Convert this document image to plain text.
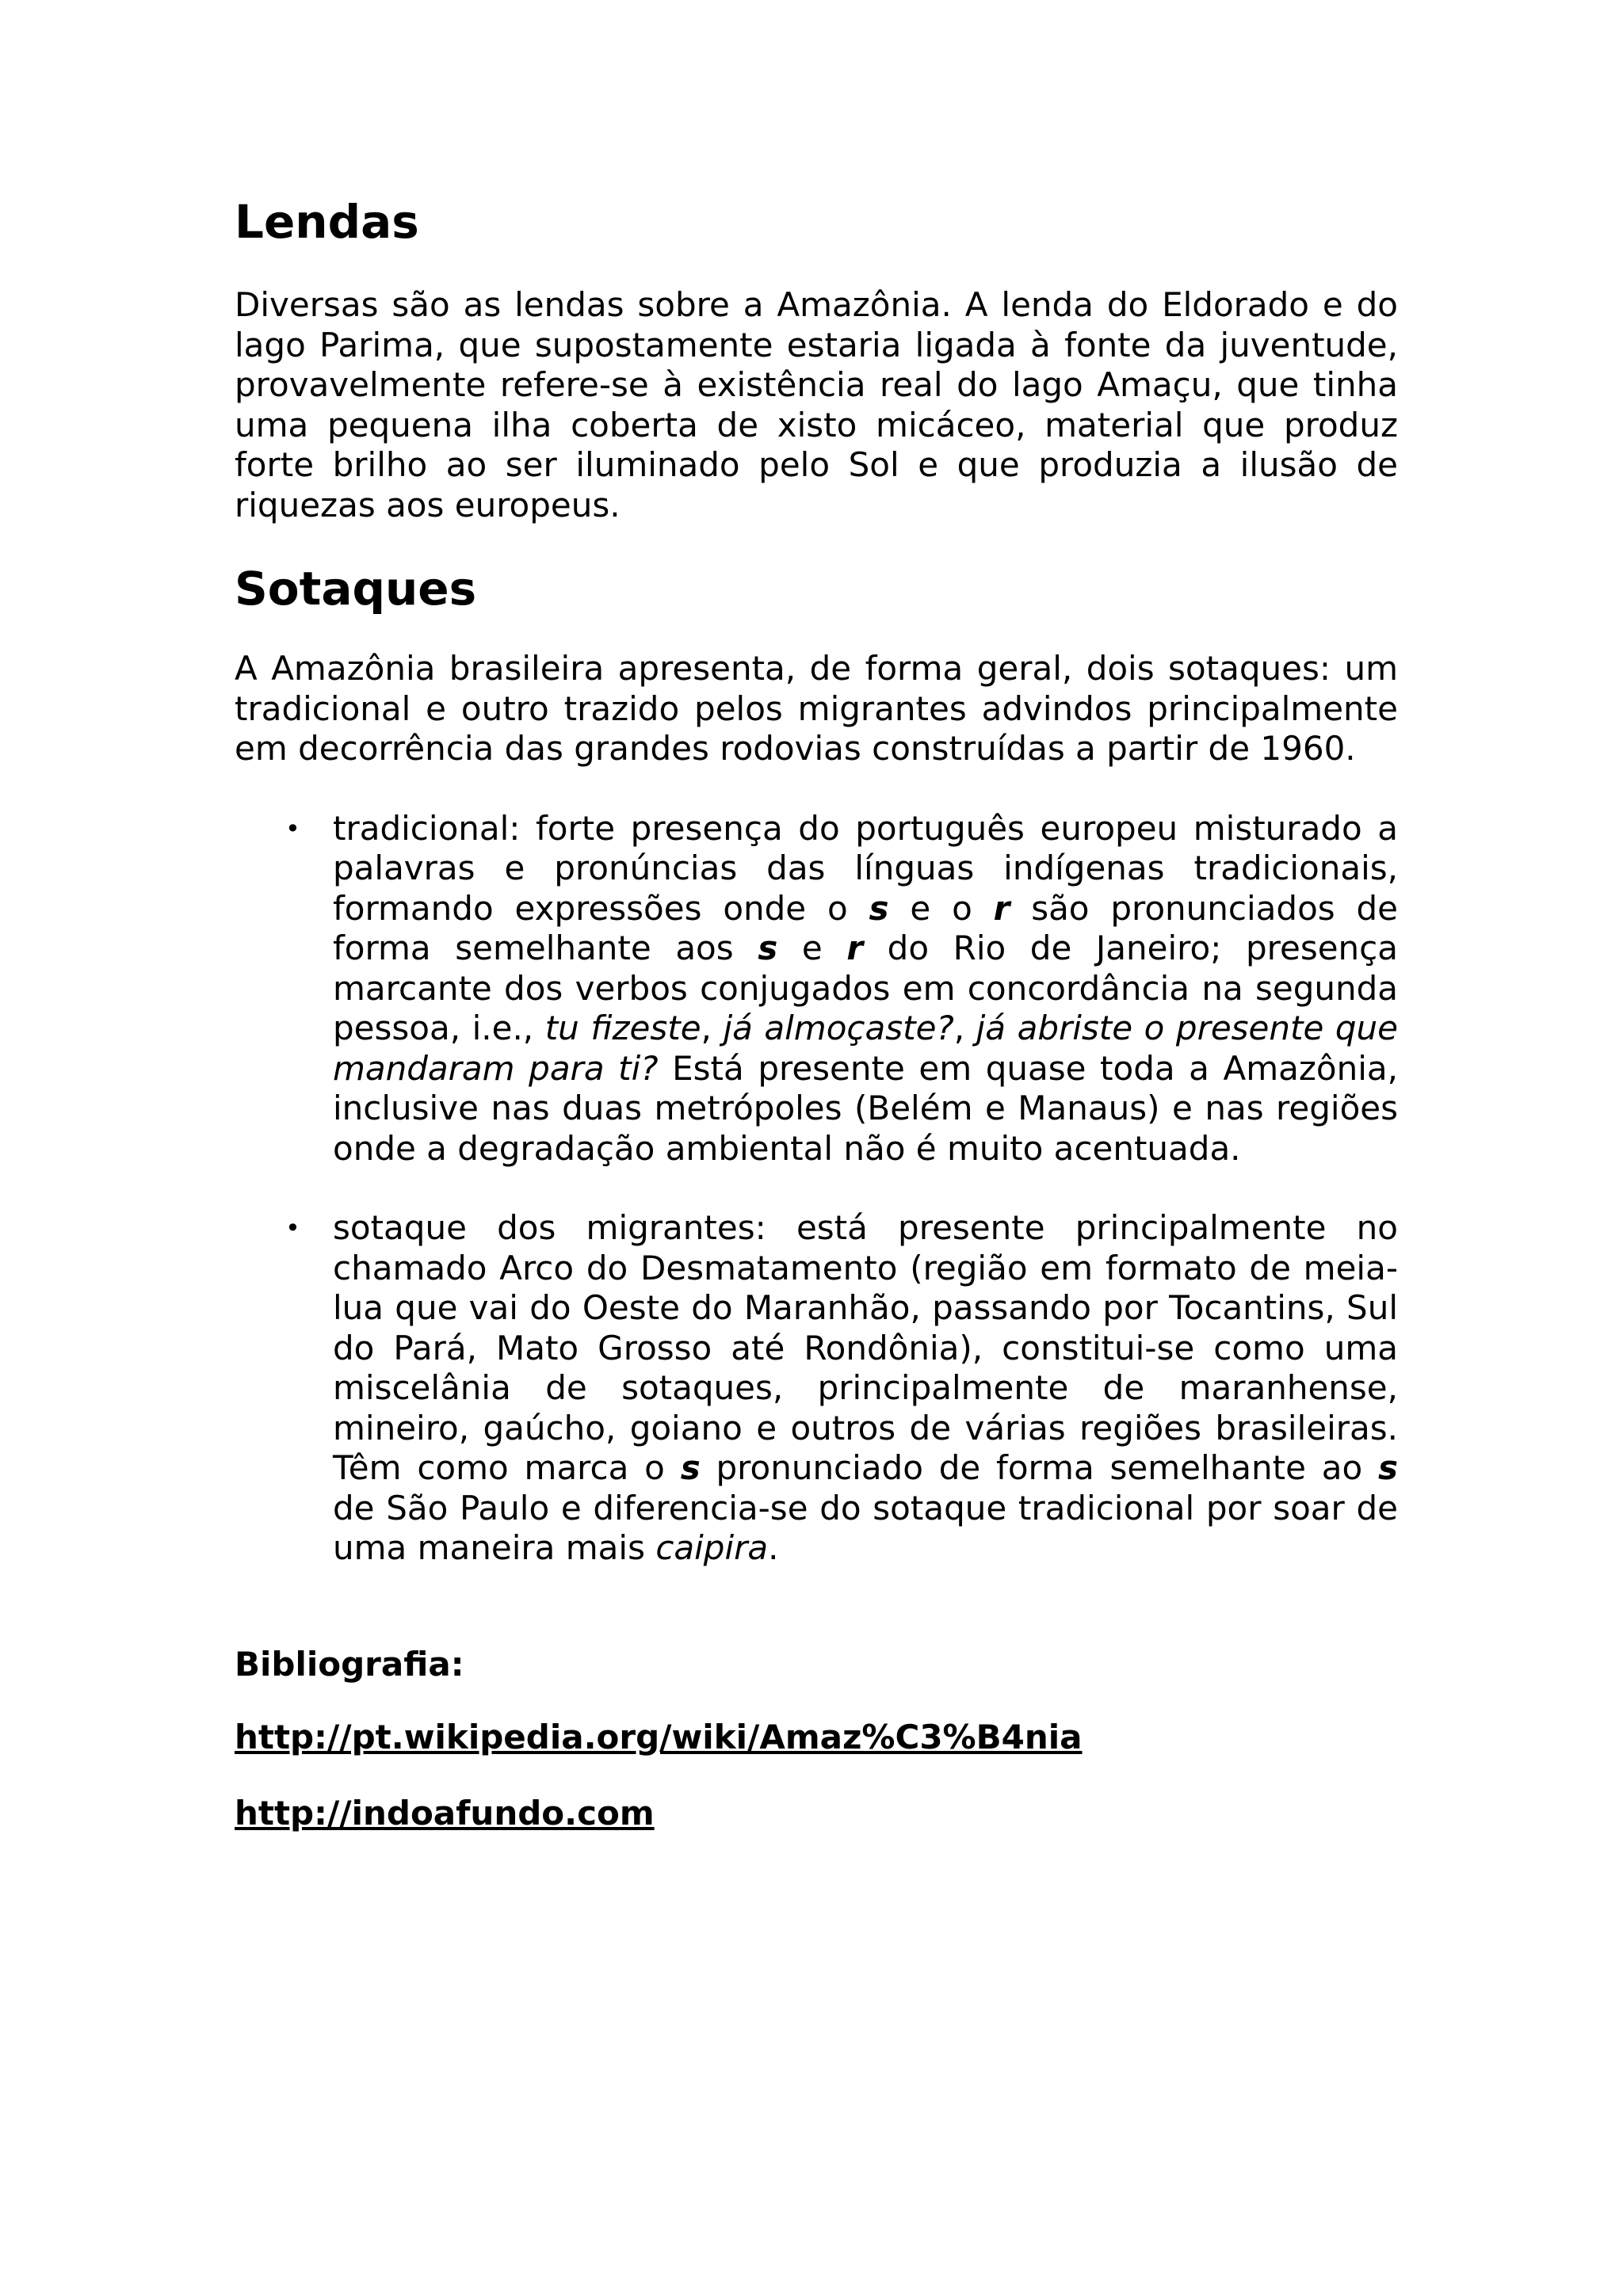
Lendas

Diversas são as lendas sobre a Amazônia. A lenda do Eldorado e do lago Parima, que supostamente estaria ligada à fonte da juventude, provavelmente refere-se à existência real do lago Amaçu, que tinha uma pequena ilha coberta de xisto micáceo, material que produz forte brilho ao ser iluminado pelo Sol e que produzia a ilusão de riquezas aos europeus.

Sotaques

A Amazônia brasileira apresenta, de forma geral, dois sotaques: um tradicional e outro trazido pelos migrantes advindos principalmente em decorrência das grandes rodovias construídas a partir de 1960.

• tradicional: forte presença do português europeu misturado a palavras e pronúncias das línguas indígenas tradicionais, formando expressões onde o s e o r são pronunciados de forma semelhante aos s e r do Rio de Janeiro; presença marcante dos verbos conjugados em concordância na segunda pessoa, i.e., tu fizeste, já almoçaste?, já abriste o presente que mandaram para ti? Está presente em quase toda a Amazônia, inclusive nas duas metrópoles (Belém e Manaus) e nas regiões onde a degradação ambiental não é muito acentuada.
• sotaque dos migrantes: está presente principalmente no chamado Arco do Desmatamento (região em formato de meia-lua que vai do Oeste do Maranhão, passando por Tocantins, Sul do Pará, Mato Grosso até Rondônia), constitui-se como uma miscelânia de sotaques, principalmente de maranhense, mineiro, gaúcho, goiano e outros de várias regiões brasileiras. Têm como marca o s pronunciado de forma semelhante ao s de São Paulo e diferencia-se do sotaque tradicional por soar de uma maneira mais caipira.

Bibliografia:

http://pt.wikipedia.org/wiki/Amaz%C3%B4nia

http://indoafundo.com
